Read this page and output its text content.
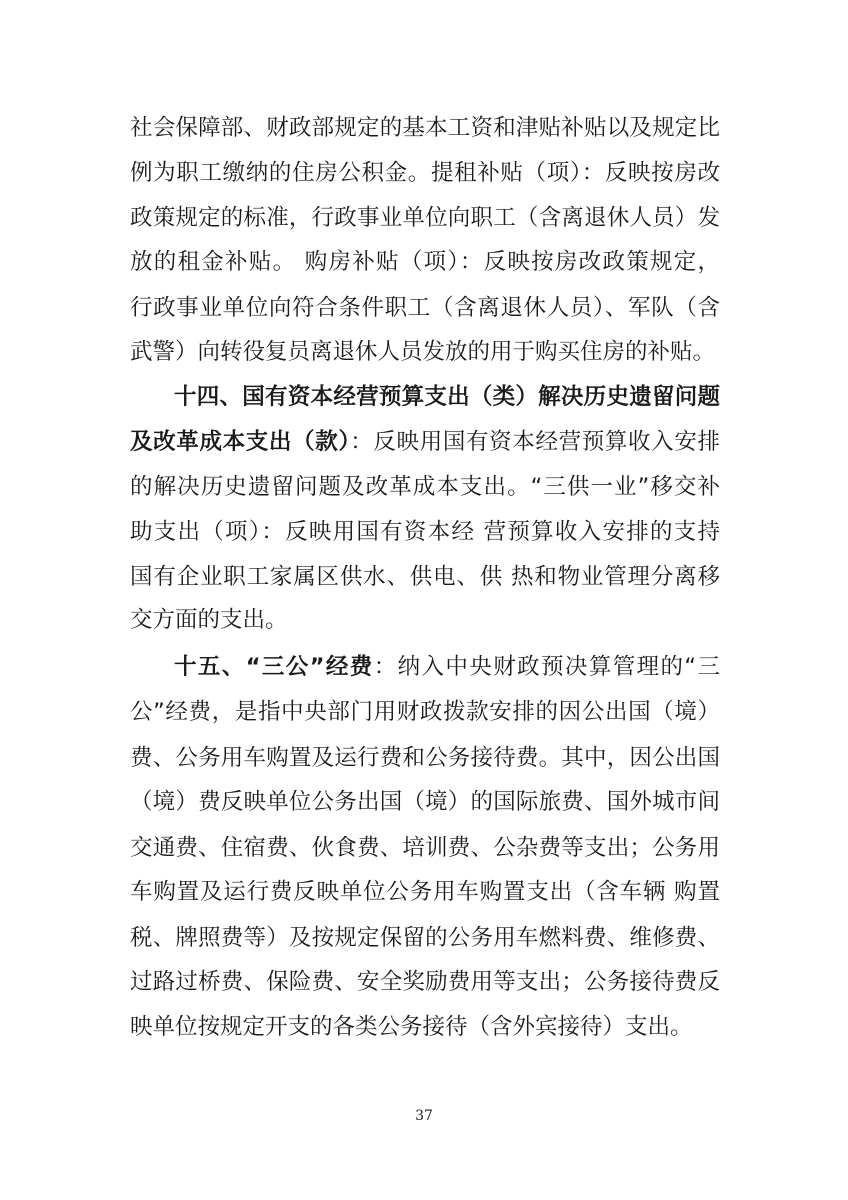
社会保障部、财政部规定的基本工资和津贴补贴以及规定比
例为职工缴纳的住房公积金。提租补贴（项）：反映按房改
政策规定的标准，行政事业单位向职工（含离退休人员）发
放的租金补贴。 购房补贴（项）：反映按房改政策规定，
行政事业单位向符合条件职工（含离退休人员）、军队（含
武警）向转役复员离退休人员发放的用于购买住房的补贴。
十四、国有资本经营预算支出（类）解决历史遗留问题
及改革成本支出（款）：反映用国有资本经营预算收入安排
的解决历史遗留问题及改革成本支出。“三供一业”移交补
助支出（项）：反映用国有资本经 营预算收入安排的支持
国有企业职工家属区供水、供电、供 热和物业管理分离移
交方面的支出。
十五、“三公”经费：纳入中央财政预决算管理的“三
公”经费，是指中央部门用财政拨款安排的因公出国（境）
费、公务用车购置及运行费和公务接待费。其中，因公出国
（境）费反映单位公务出国（境）的国际旅费、国外城市间
交通费、住宿费、伙食费、培训费、公杂费等支出；公务用
车购置及运行费反映单位公务用车购置支出（含车辆 购置
税、牌照费等）及按规定保留的公务用车燃料费、维修费、
过路过桥费、保险费、安全奖励费用等支出；公务接待费反
映单位按规定开支的各类公务接待（含外宾接待）支出。
37
